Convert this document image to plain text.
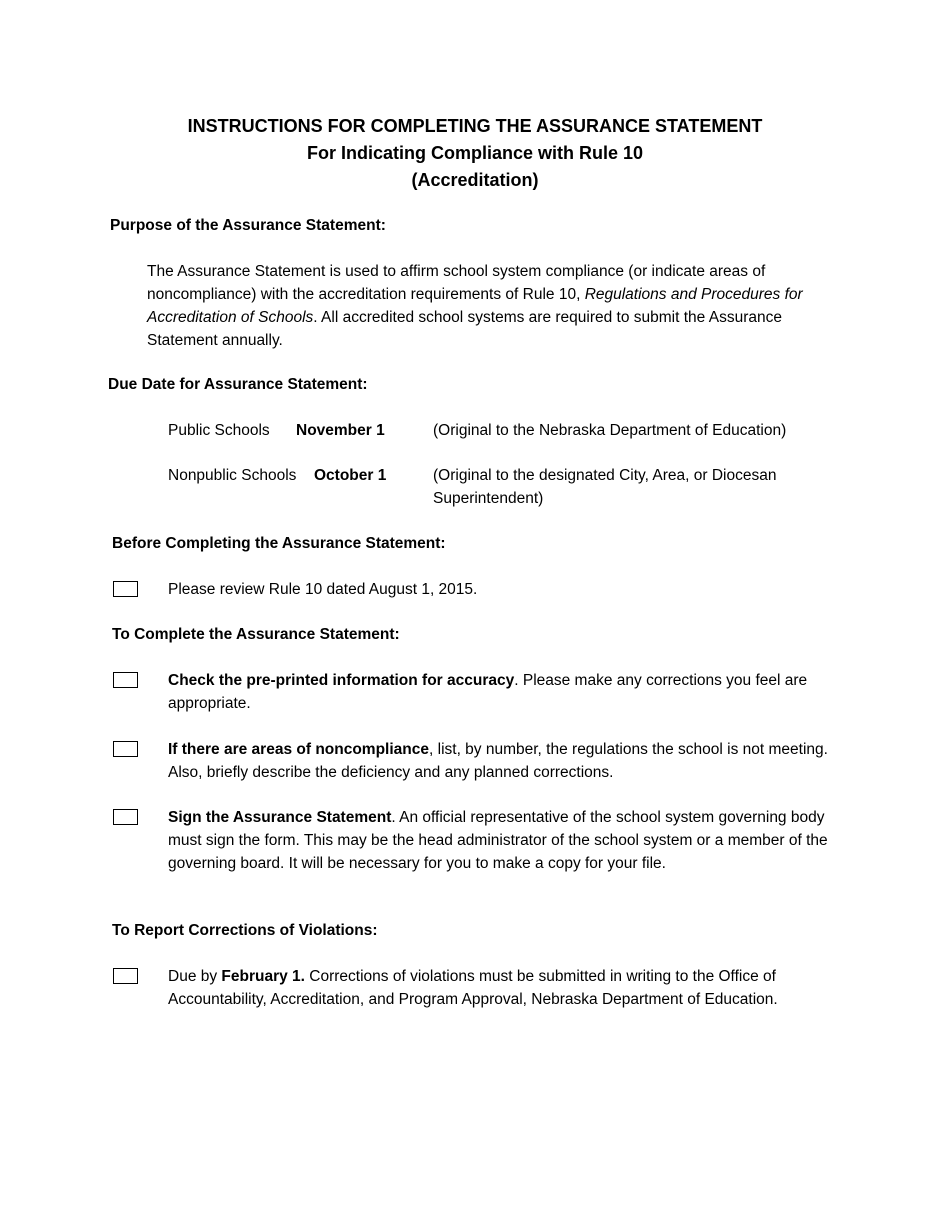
INSTRUCTIONS FOR COMPLETING THE ASSURANCE STATEMENT
For Indicating Compliance with Rule 10
(Accreditation)
Purpose of the Assurance Statement:
The Assurance Statement is used to affirm school system compliance (or indicate areas of noncompliance) with the accreditation requirements of Rule 10, Regulations and Procedures for Accreditation of Schools. All accredited school systems are required to submit the Assurance Statement annually.
Due Date for Assurance Statement:
Public Schools November 1	(Original to the Nebraska Department of Education)
Nonpublic Schools October 1	(Original to the designated City, Area, or Diocesan Superintendent)
Before Completing the Assurance Statement:
Please review Rule 10 dated August 1, 2015.
To Complete the Assurance Statement:
Check the pre-printed information for accuracy. Please make any corrections you feel are appropriate.
If there are areas of noncompliance, list, by number, the regulations the school is not meeting. Also, briefly describe the deficiency and any planned corrections.
Sign the Assurance Statement. An official representative of the school system governing body must sign the form. This may be the head administrator of the school system or a member of the governing board. It will be necessary for you to make a copy for your file.
To Report Corrections of Violations:
Due by February 1. Corrections of violations must be submitted in writing to the Office of Accountability, Accreditation, and Program Approval, Nebraska Department of Education.
